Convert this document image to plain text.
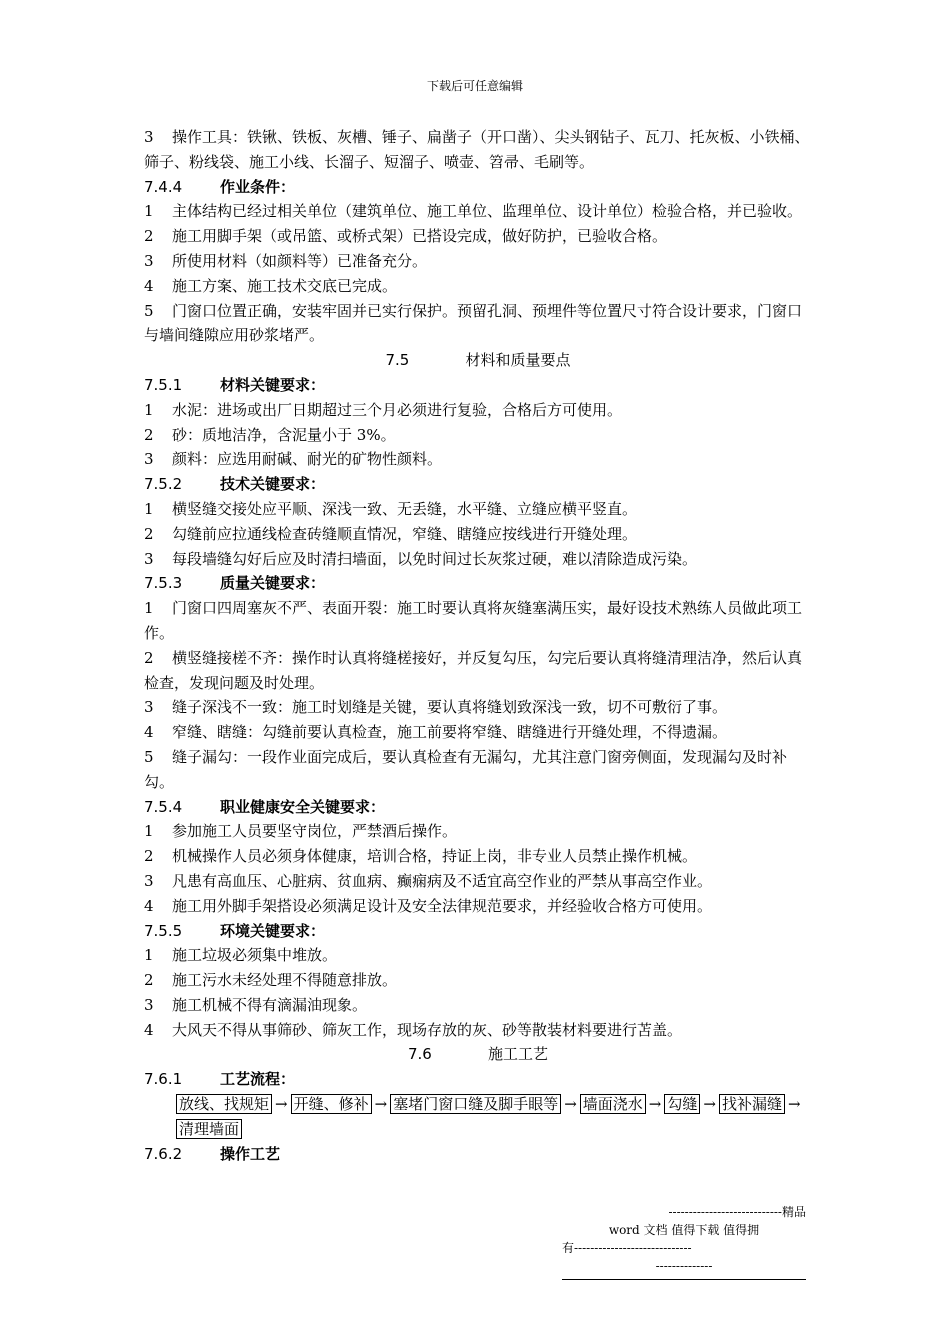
下载后可任意编辑

3 操作工具：铁锹、铁板、灰槽、锤子、扁凿子（开口凿）、尖头钢钻子、瓦刀、托灰板、小铁桶、筛子、粉线袋、施工小线、长溜子、短溜子、喷壶、笤帚、毛刷等。

7.4.4	作业条件：

1 主体结构已经过相关单位（建筑单位、施工单位、监理单位、设计单位）检验合格，并已验收。

2 施工用脚手架（或吊篮、或桥式架）已搭设完成，做好防护，已验收合格。

3 所使用材料（如颜料等）已准备充分。

4 施工方案、施工技术交底已完成。

5 门窗口位置正确，安装牢固并已实行保护。预留孔洞、预埋件等位置尺寸符合设计要求，门窗口与墙间缝隙应用砂浆堵严。

7.5	材料和质量要点

7.5.1	材料关键要求：

1 水泥：进场或出厂日期超过三个月必须进行复验，合格后方可使用。

2 砂：质地洁净，含泥量小于 3%。

3 颜料：应选用耐碱、耐光的矿物性颜料。

7.5.2	技术关键要求：

1 横竖缝交接处应平顺、深浅一致、无丢缝，水平缝、立缝应横平竖直。

2 勾缝前应拉通线检查砖缝顺直情况，窄缝、瞎缝应按线进行开缝处理。

3 每段墙缝勾好后应及时清扫墙面，以免时间过长灰浆过硬，难以清除造成污染。

7.5.3	质量关键要求：

1 门窗口四周塞灰不严、表面开裂：施工时要认真将灰缝塞满压实，最好设技术熟练人员做此项工作。

2 横竖缝接槎不齐：操作时认真将缝槎接好，并反复勾压，勾完后要认真将缝清理洁净，然后认真检查，发现问题及时处理。

3 缝子深浅不一致：施工时划缝是关键，要认真将缝划致深浅一致，切不可敷衍了事。

4 窄缝、瞎缝：勾缝前要认真检查，施工前要将窄缝、瞎缝进行开缝处理，不得遗漏。

5 缝子漏勾：一段作业面完成后，要认真检查有无漏勾，尤其注意门窗旁侧面，发现漏勾及时补勾。

7.5.4	职业健康安全关键要求：

1 参加施工人员要坚守岗位，严禁酒后操作。

2 机械操作人员必须身体健康，培训合格，持证上岗，非专业人员禁止操作机械。

3 凡患有高血压、心脏病、贫血病、癫痫病及不适宜高空作业的严禁从事高空作业。

4 施工用外脚手架搭设必须满足设计及安全法律规范要求，并经验收合格方可使用。

7.5.5	环境关键要求：

1 施工垃圾必须集中堆放。

2 施工污水未经处理不得随意排放。

3 施工机械不得有滴漏油现象。

4 大风天不得从事筛砂、筛灰工作，现场存放的灰、砂等散装材料要进行苫盖。

7.6	施工工艺

7.6.1	工艺流程：

放线、找规矩 → 开缝、修补 → 塞堵门窗口缝及脚手眼等 → 墙面浇水 → 勾缝 → 找补漏缝 →清理墙面

7.6.2	操作工艺

----------------------------精品
word 文档 值得下载 值得拥
有-----------------------------
--------------
